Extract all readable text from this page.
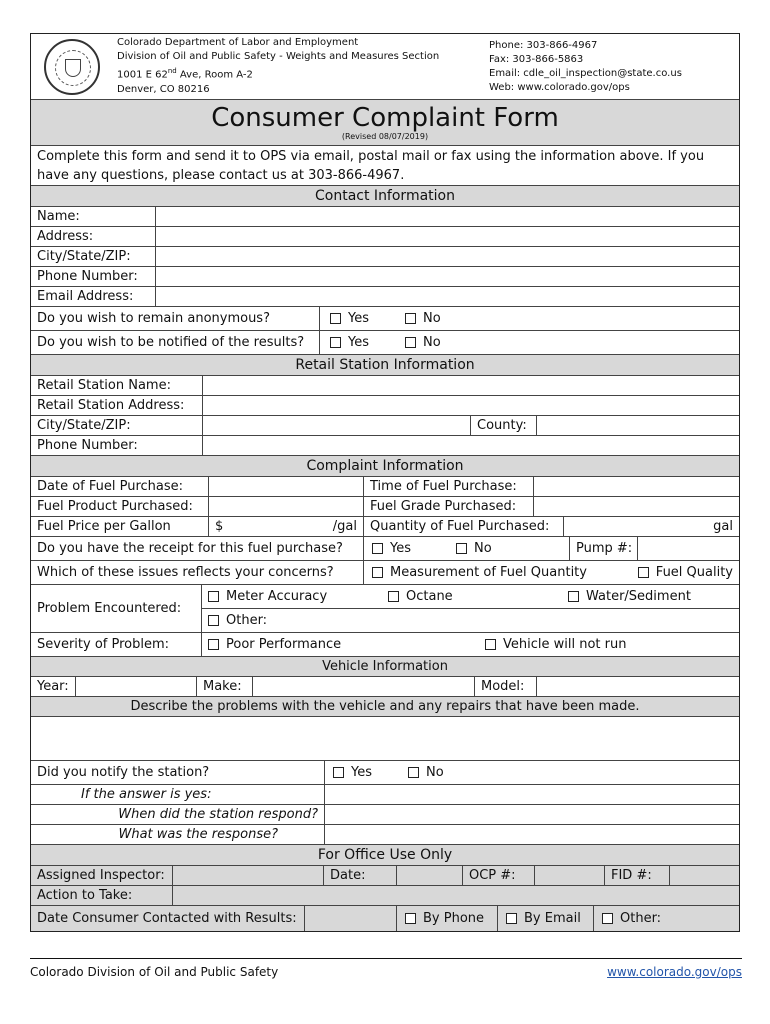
Colorado Department of Labor and Employment
Division of Oil and Public Safety - Weights and Measures Section
1001 E 62nd Ave, Room A-2
Denver, CO 80216
Phone: 303-866-4967
Fax: 303-866-5863
Email: cdle_oil_inspection@state.co.us
Web: www.colorado.gov/ops
Consumer Complaint Form
(Revised 08/07/2019)
Complete this form and send it to OPS via email, postal mail or fax using the information above. If you have any questions, please contact us at 303-866-4967.
Contact Information
Name:
Address:
City/State/ZIP:
Phone Number:
Email Address:
Do you wish to remain anonymous?	Yes	No
Do you wish to be notified of the results?	Yes	No
Retail Station Information
Retail Station Name:
Retail Station Address:
City/State/ZIP:	County:
Phone Number:
Complaint Information
Date of Fuel Purchase:	Time of Fuel Purchase:
Fuel Product Purchased:	Fuel Grade Purchased:
Fuel Price per Gallon	$	/gal	Quantity of Fuel Purchased:	gal
Do you have the receipt for this fuel purchase?	Yes	No	Pump #:
Which of these issues reflects your concerns?	Measurement of Fuel Quantity	Fuel Quality
Problem Encountered:
Meter Accuracy	Octane	Water/Sediment
Other:
Severity of Problem:	Poor Performance	Vehicle will not run
Vehicle Information
Year:	Make:	Model:
Describe the problems with the vehicle and any repairs that have been made.
Did you notify the station?	Yes	No
If the answer is yes:
When did the station respond?
What was the response?
For Office Use Only
Assigned Inspector:	Date:	OCP #:	FID #:
Action to Take:
Date Consumer Contacted with Results:	By Phone	By Email	Other:
Colorado Division of Oil and Public Safety	www.colorado.gov/ops
